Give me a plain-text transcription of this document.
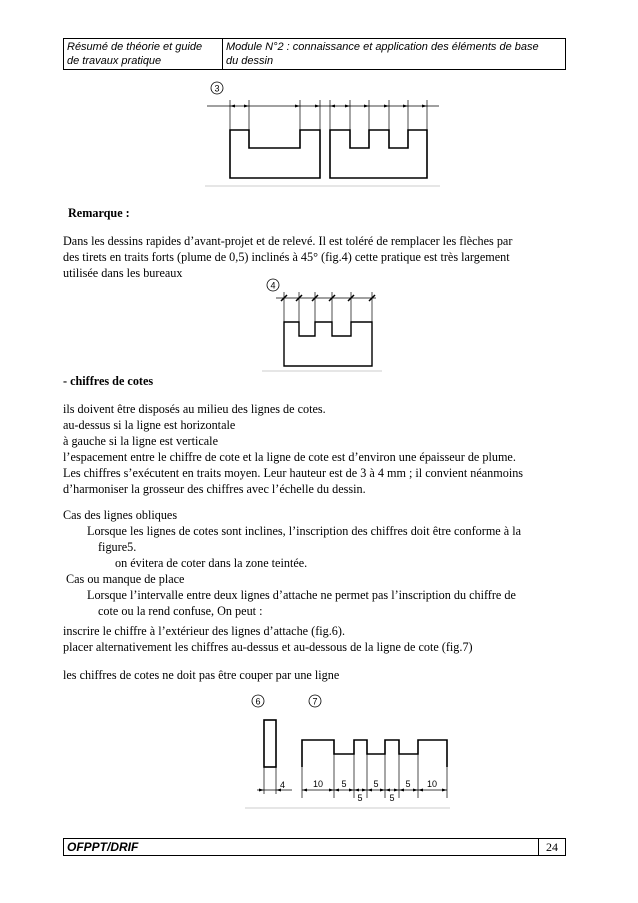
Résumé de théorie et guide
de travaux pratique
Module N°2 : connaissance et application des éléments de base
du dessin
3
Remarque :
Dans les dessins rapides d’avant-projet et de relevé. Il est toléré de remplacer les flèches par
des tirets en traits forts (plume de 0,5) inclinés à 45° (fig.4) cette pratique est très largement
utilisée dans les bureaux
4
- chiffres de cotes
ils doivent être disposés au milieu des lignes de cotes.
au-dessus si la ligne est horizontale
à gauche si la ligne est verticale
l’espacement entre le chiffre de cote et la ligne de cote est d’environ une épaisseur de plume.
Les chiffres s’exécutent en traits moyen. Leur hauteur est de 3 à 4 mm ; il convient néanmoins
d’harmoniser la grosseur des chiffres avec l’échelle du dessin.
Cas des lignes obliques
Lorsque les lignes de cotes sont inclines, l’inscription des chiffres doit être conforme à la
figure5.
on évitera de coter dans la zone teintée.
Cas ou manque de place
Lorsque l’intervalle entre deux lignes d’attache ne permet pas l’inscription du chiffre de
cote ou la rend confuse, On peut :
inscrire le chiffre à l’extérieur des lignes d’attache (fig.6).
placer alternativement les chiffres au-dessus et au-dessous de la ligne de cote (fig.7)
les chiffres de cotes ne doit pas être couper par une ligne
6
4
7
10 5	5	5 10
5	5
OFPPT/DRIF	24
